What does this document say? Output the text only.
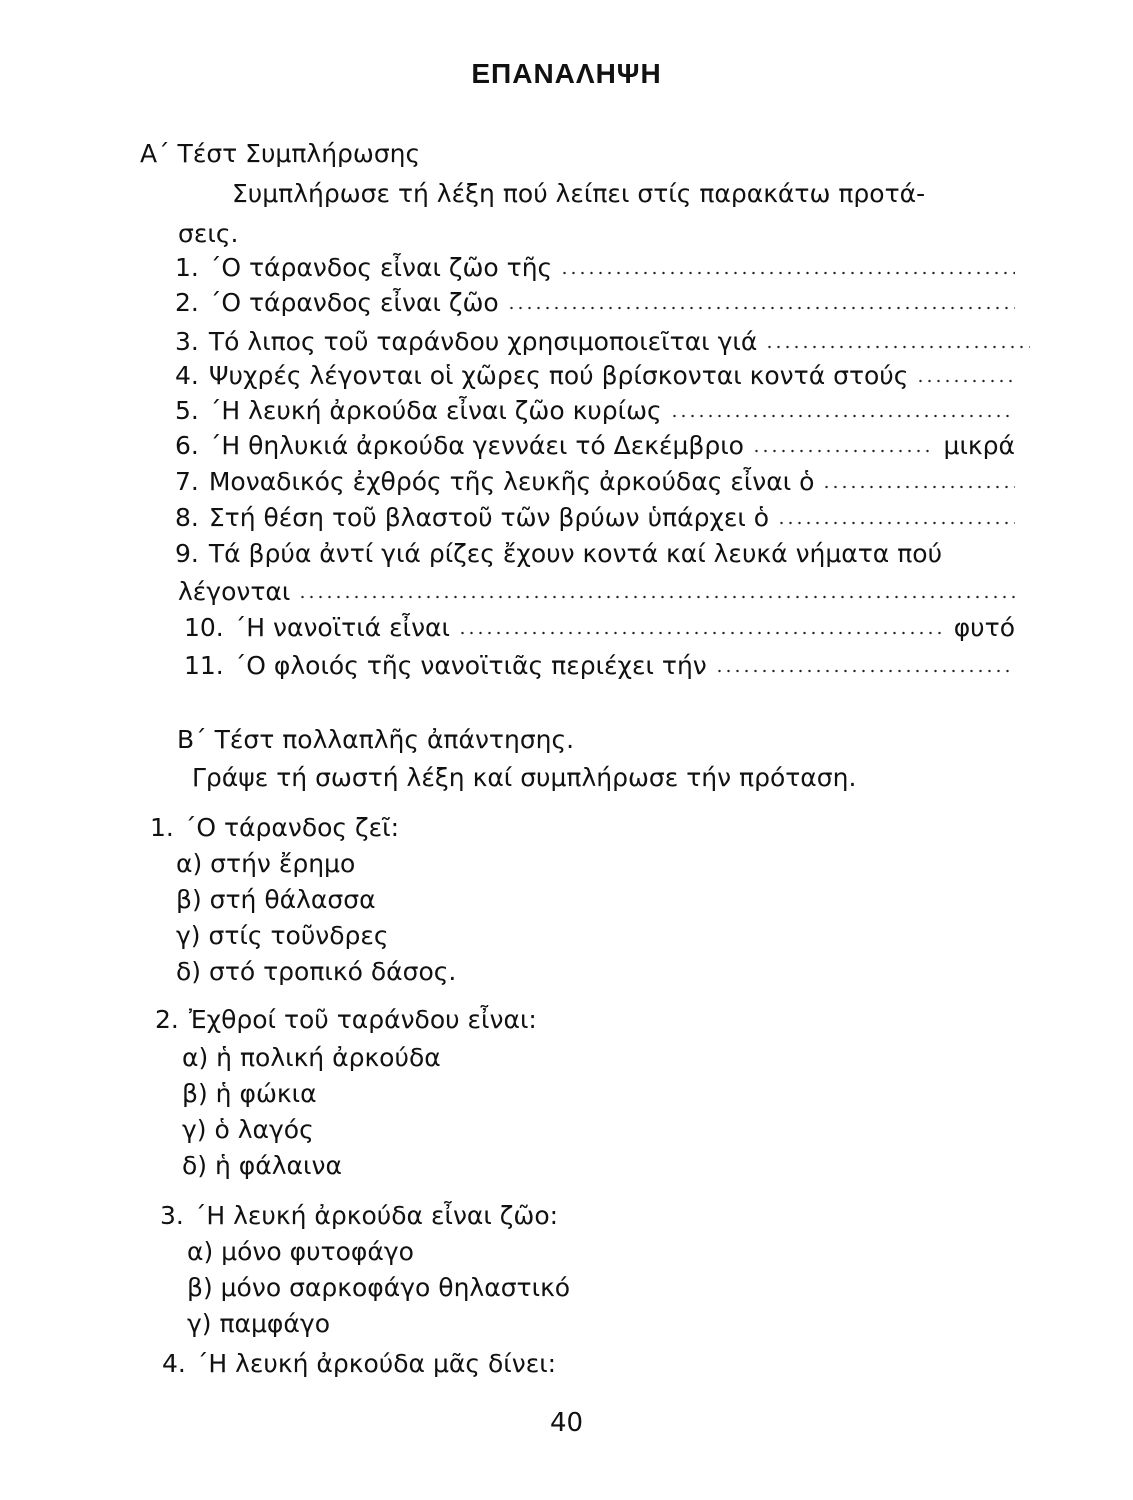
ΕΠΑΝΑΛΗΨΗ
Α΄ Τέστ Συμπλήρωσης
Συμπλήρωσε τή λέξη πού λείπει στίς παρακάτω προτά-
σεις.
1. ΄Ο τάρανδος εἶναι ζῶο τῆς
2. ΄Ο τάρανδος εἶναι ζῶο
3. Τό λιπος τοῦ ταράνδου χρησιμοποιεῖται γιά
4. Ψυχρές λέγονται οἱ χῶρες πού βρίσκονται κοντά στούς
5. ΄Η λευκή ἀρκούδα εἶναι ζῶο κυρίως
6. ΄Η θηλυκιά ἀρκούδα γεννάει τό Δεκέμβριο	μικρά
7. Μοναδικός ἐχθρός τῆς λευκῆς ἀρκούδας εἶναι ὁ
8. Στή θέση τοῦ βλαστοῦ τῶν βρύων ὑπάρχει ὁ
9. Τά βρύα ἀντί γιά ρίζες ἔχουν κοντά καί λευκά νήματα πού
λέγονται
10. ΄Η νανοϊτιά εἶναι	φυτό
11. ΄Ο φλοιός τῆς νανοϊτιᾶς περιέχει τήν
Β΄ Τέστ πολλαπλῆς ἀπάντησης.
Γράψε τή σωστή λέξη καί συμπλήρωσε τήν πρόταση.
1. ΄Ο τάρανδος ζεῖ:
α) στήν ἔρημο
β) στή θάλασσα
γ) στίς τοῦνδρες
δ) στό τροπικό δάσος.
2. Ἐχθροί τοῦ ταράνδου εἶναι:
α) ἡ πολική ἀρκούδα
β) ἡ φώκια
γ) ὁ λαγός
δ) ἡ φάλαινα
3. ΄Η λευκή ἀρκούδα εἶναι ζῶο:
α) μόνο φυτοφάγο
β) μόνο σαρκοφάγο θηλαστικό
γ) παμφάγο
4. ΄Η λευκή ἀρκούδα μᾶς δίνει:
40
